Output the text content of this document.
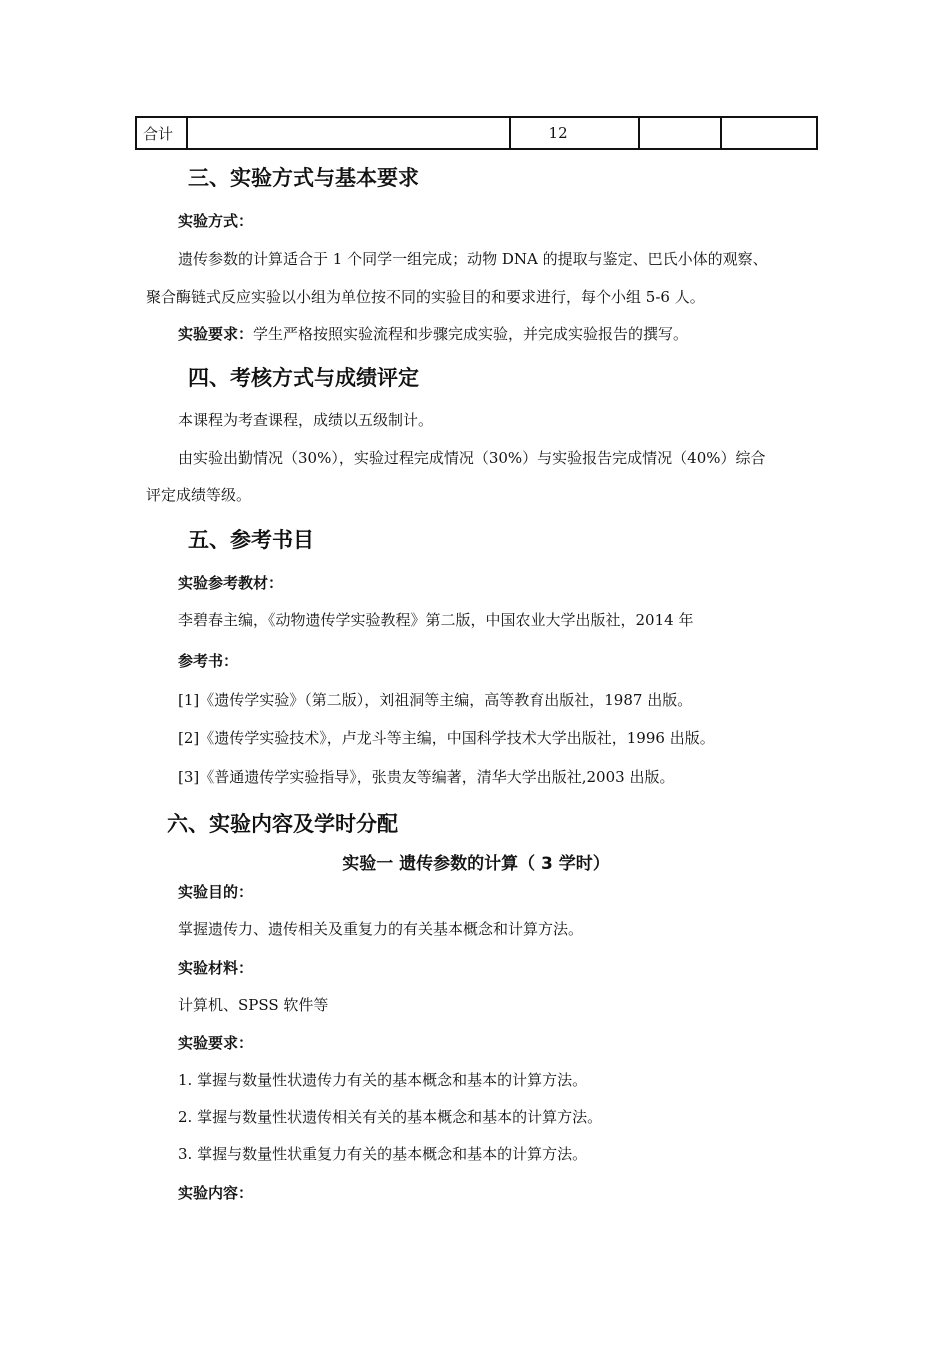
合计		12		
三、实验方式与基本要求
实验方式：
遗传参数的计算适合于 1 个同学一组完成；动物 DNA 的提取与鉴定、巴氏小体的观察、
聚合酶链式反应实验以小组为单位按不同的实验目的和要求进行，每个小组 5-6 人。
实验要求：学生严格按照实验流程和步骤完成实验，并完成实验报告的撰写。
四、考核方式与成绩评定
本课程为考查课程，成绩以五级制计。
由实验出勤情况（30%），实验过程完成情况（30%）与实验报告完成情况（40%）综合
评定成绩等级。
五、参考书目
实验参考教材：
李碧春主编，《动物遗传学实验教程》第二版，中国农业大学出版社，2014 年
参考书：
[1]《遗传学实验》（第二版），刘祖洞等主编，高等教育出版社，1987 出版。
[2]《遗传学实验技术》，卢龙斗等主编，中国科学技术大学出版社，1996 出版。
[3]《普通遗传学实验指导》，张贵友等编著，清华大学出版社,2003 出版。
六、实验内容及学时分配
实验一 遗传参数的计算（ 3 学时）
实验目的：
掌握遗传力、遗传相关及重复力的有关基本概念和计算方法。
实验材料：
计算机、SPSS 软件等
实验要求：
1. 掌握与数量性状遗传力有关的基本概念和基本的计算方法。
2. 掌握与数量性状遗传相关有关的基本概念和基本的计算方法。
3. 掌握与数量性状重复力有关的基本概念和基本的计算方法。
实验内容：
